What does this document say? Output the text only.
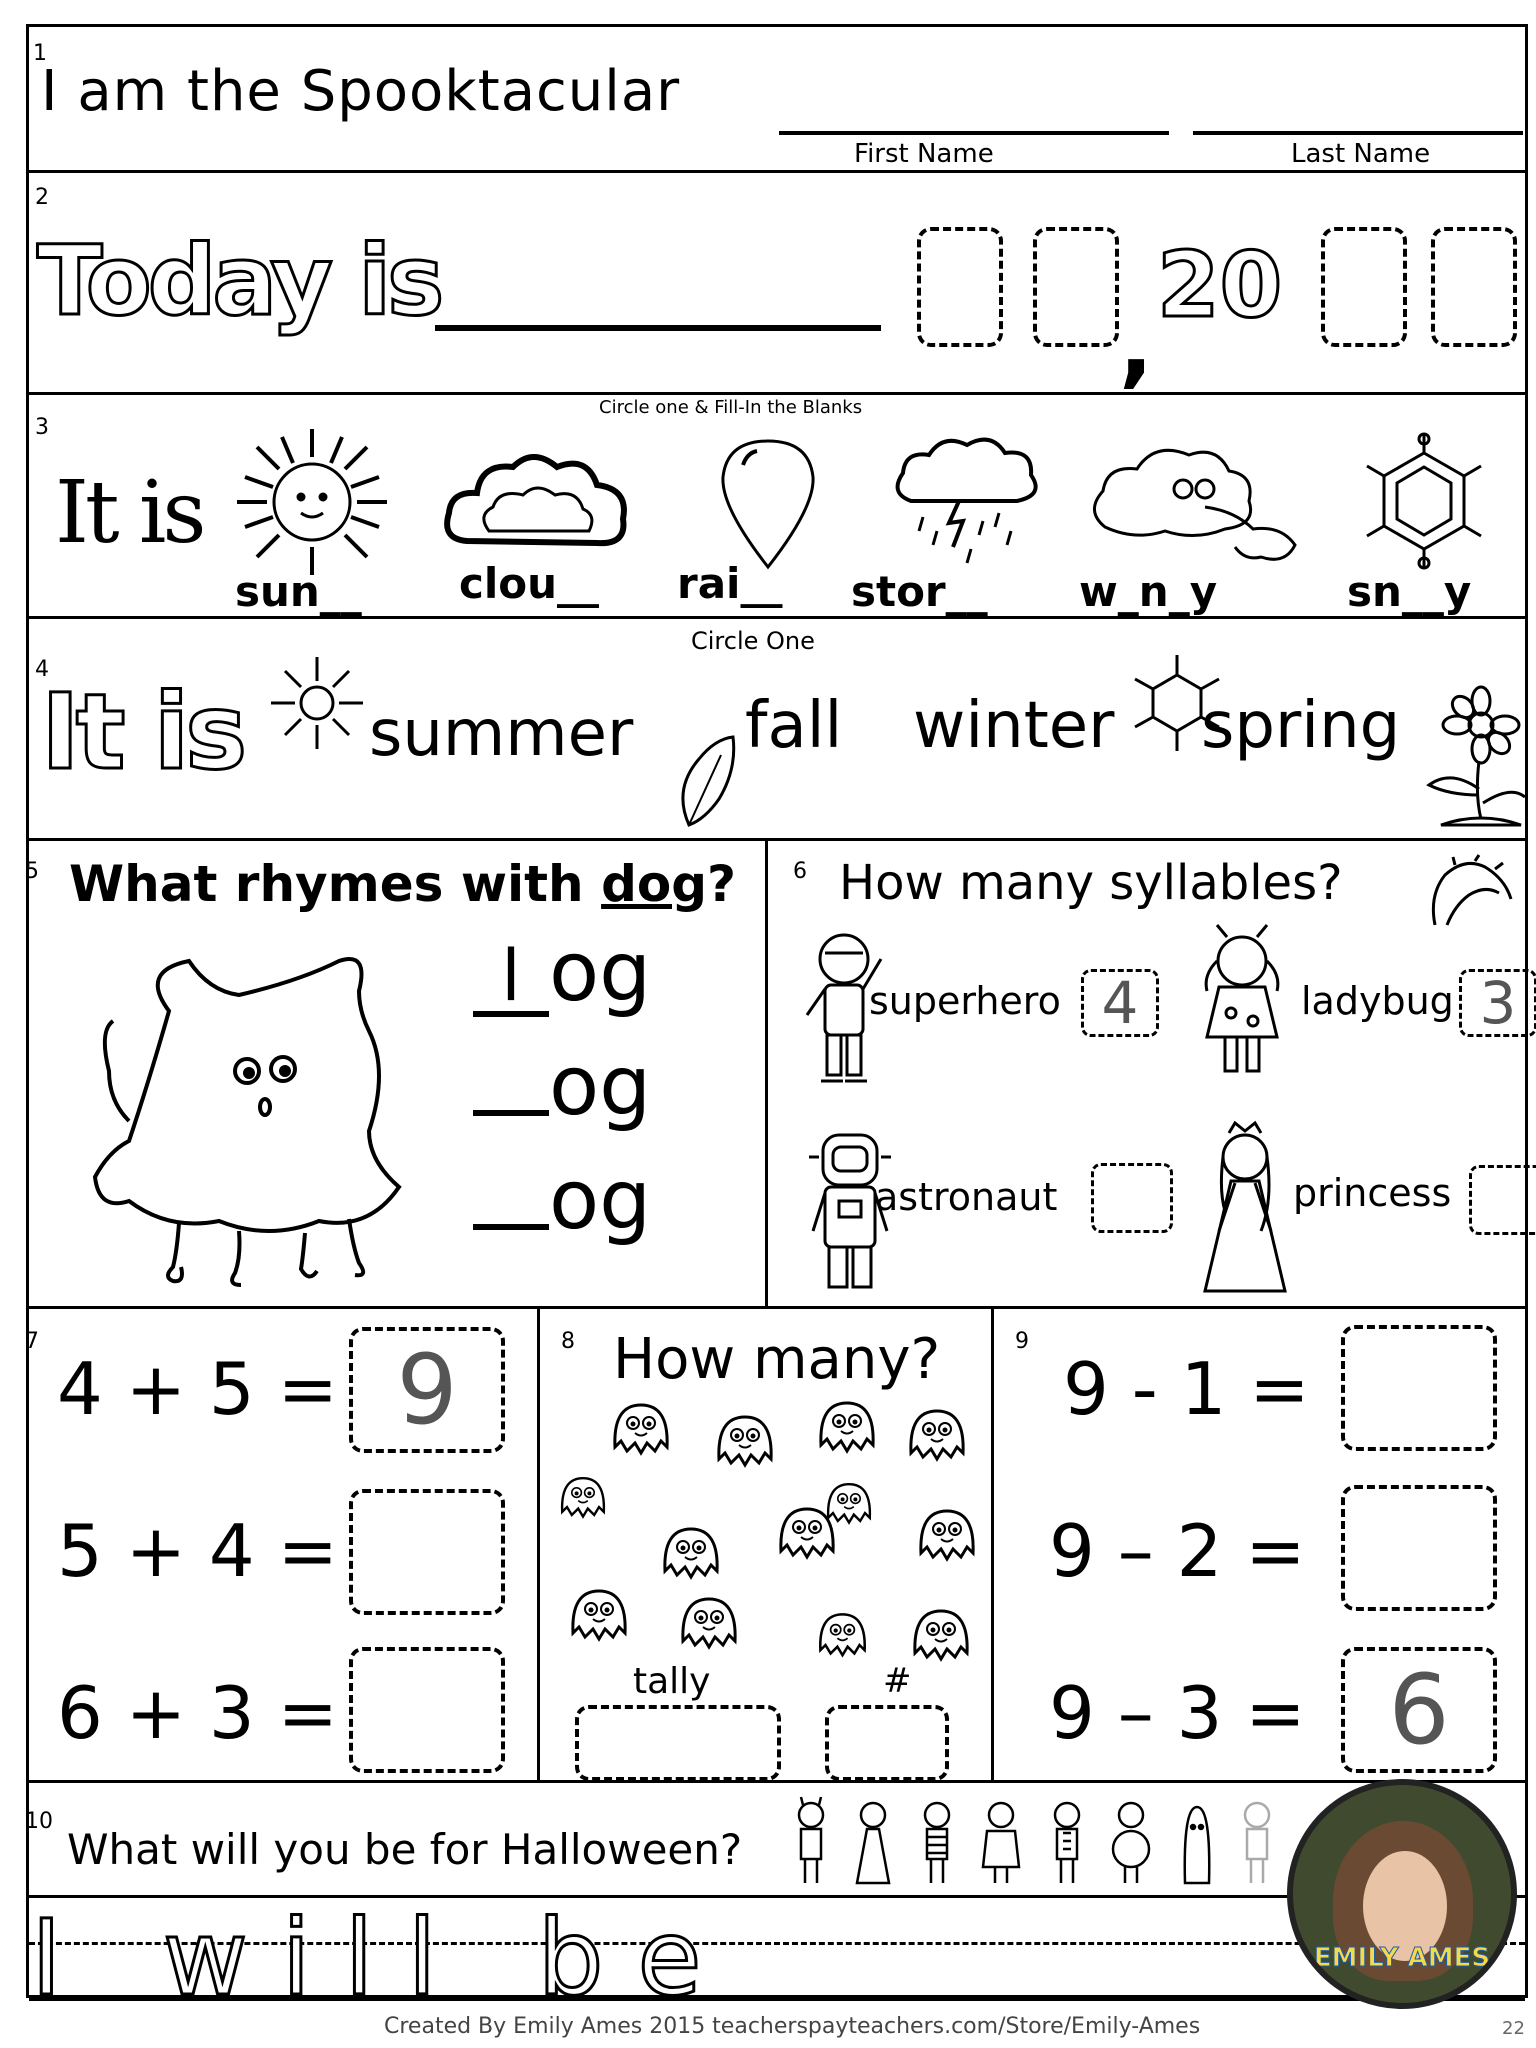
1
I am the Spooktacular
First Name	Last Name
2
Today is
,
20
3
Circle one & Fill-In the Blanks
It is
sun__ clou__ rai__ stor__ w_n_y	sn__y
4
Circle One
It is summer fall winter spring
5 What rhymes with dog?
l og
og
og
6 How many syllables?
superhero 4	ladybug 3
astronaut	princess
7
4 + 5 = 9
5 + 4 =
6 + 3 =
8 How many?
tally	#
9
9 - 1 =
9 – 2 =
9 – 3 = 6
10
What will you be for Halloween?
I will be	EMILY AMES
Created By Emily Ames 2015 teacherspayteachers.com/Store/Emily-Ames	22
